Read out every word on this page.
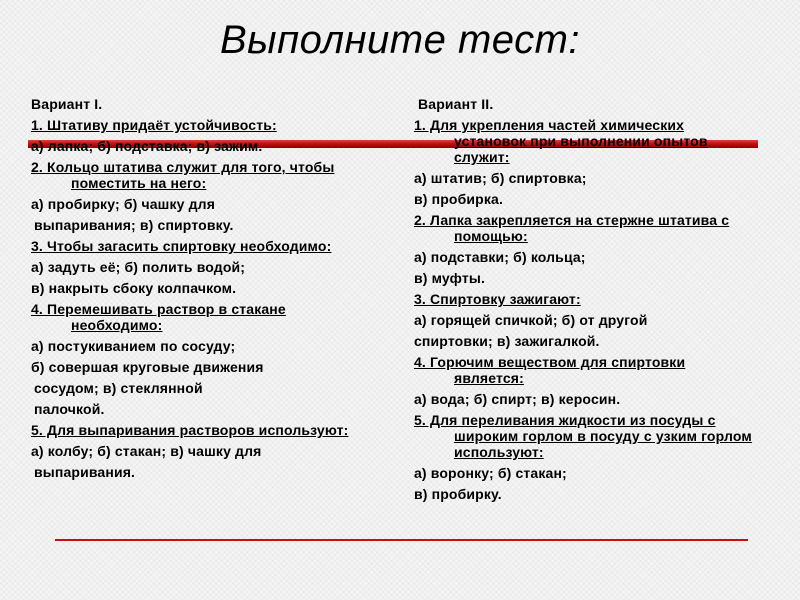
Выполните тест:
Вариант I.
1. Штативу придаёт устойчивость:
а) лапка; б) подставка; в) зажим.
2. Кольцо штатива служит для того, чтобы
поместить на него:
а) пробирку; б) чашку для
выпаривания; в) спиртовку.
3. Чтобы загасить спиртовку необходимо:
а) задуть её; б) полить водой;
в) накрыть сбоку колпачком.
4. Перемешивать раствор в стакане
необходимо:
а) постукиванием по сосуду;
б) совершая круговые движения
сосудом; в) стеклянной
палочкой.
5. Для выпаривания растворов используют:
а) колбу; б) стакан; в) чашку для
выпаривания.
Вариант II.
1. Для укрепления частей химических
установок при выполнении опытов
служит:
а) штатив; б) спиртовка;
в) пробирка.
2. Лапка закрепляется на стержне штатива с
помощью:
а) подставки; б) кольца;
в) муфты.
3. Спиртовку зажигают:
а) горящей спичкой; б) от другой
спиртовки; в) зажигалкой.
4. Горючим веществом для спиртовки
является:
а) вода; б) спирт; в) керосин.
5. Для переливания жидкости из посуды с
широким горлом в посуду с узким горлом
используют:
а) воронку; б) стакан;
в) пробирку.
